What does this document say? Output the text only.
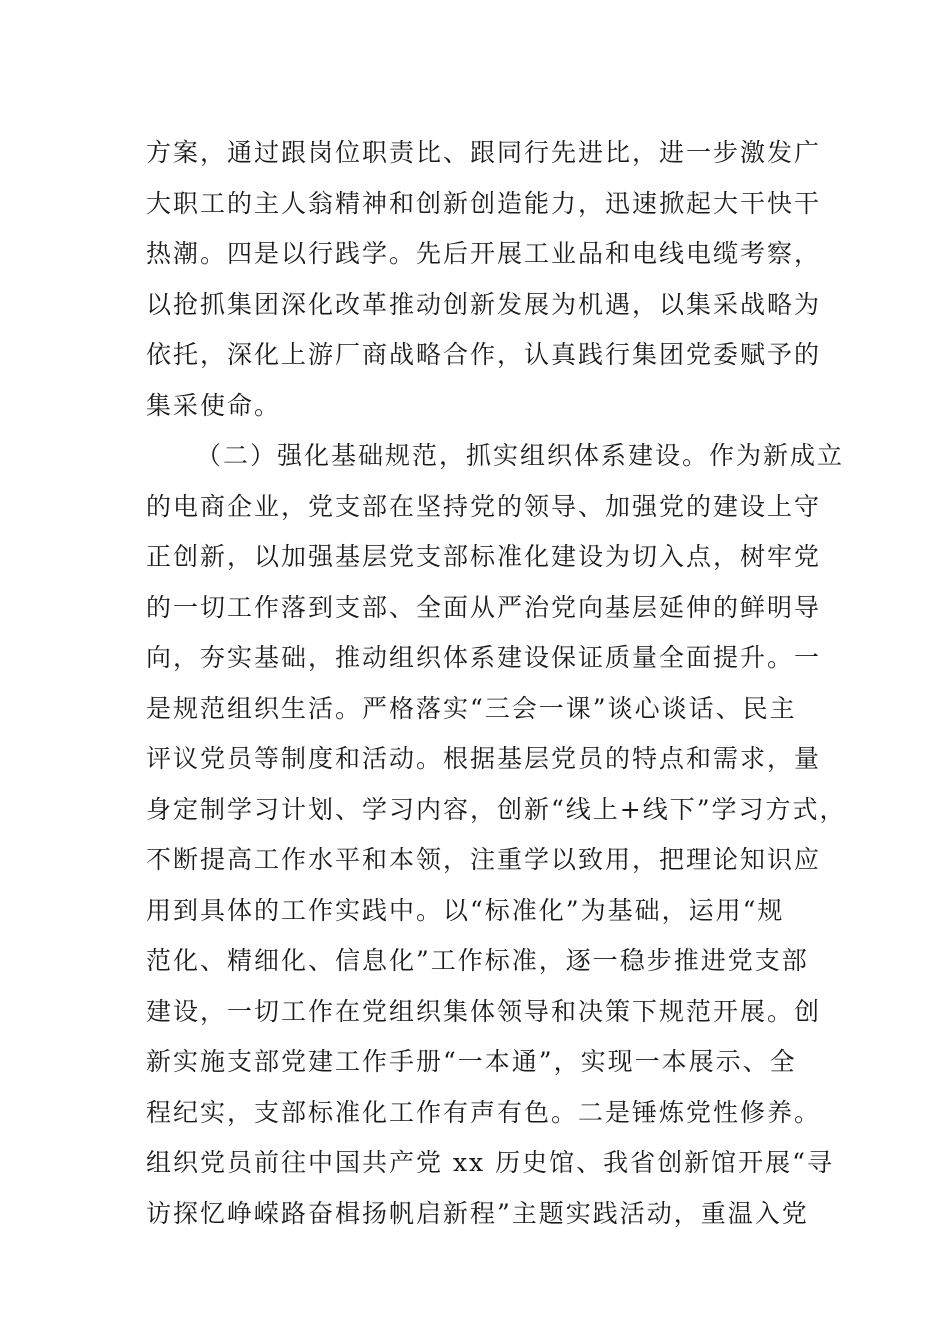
方案，通过跟岗位职责比、跟同行先进比，进一步激发广
大职工的主人翁精神和创新创造能力，迅速掀起大干快干
热潮。四是以行践学。先后开展工业品和电线电缆考察，
以抢抓集团深化改革推动创新发展为机遇，以集采战略为
依托，深化上游厂商战略合作，认真践行集团党委赋予的
集采使命。
（二）强化基础规范，抓实组织体系建设。作为新成立
的电商企业，党支部在坚持党的领导、加强党的建设上守
正创新，以加强基层党支部标准化建设为切入点，树牢党
的一切工作落到支部、全面从严治党向基层延伸的鲜明导
向，夯实基础，推动组织体系建设保证质量全面提升。一
是规范组织生活。严格落实“三会一课”谈心谈话、民主
评议党员等制度和活动。根据基层党员的特点和需求，量
身定制学习计划、学习内容，创新“线上+线下”学习方式，
不断提高工作水平和本领，注重学以致用，把理论知识应
用到具体的工作实践中。以“标准化”为基础，运用“规
范化、精细化、信息化”工作标准，逐一稳步推进党支部
建设，一切工作在党组织集体领导和决策下规范开展。创
新实施支部党建工作手册“一本通”，实现一本展示、全
程纪实，支部标准化工作有声有色。二是锤炼党性修养。
组织党员前往中国共产党 xx 历史馆、我省创新馆开展“寻
访探忆峥嵘路奋楫扬帆启新程”主题实践活动，重温入党
